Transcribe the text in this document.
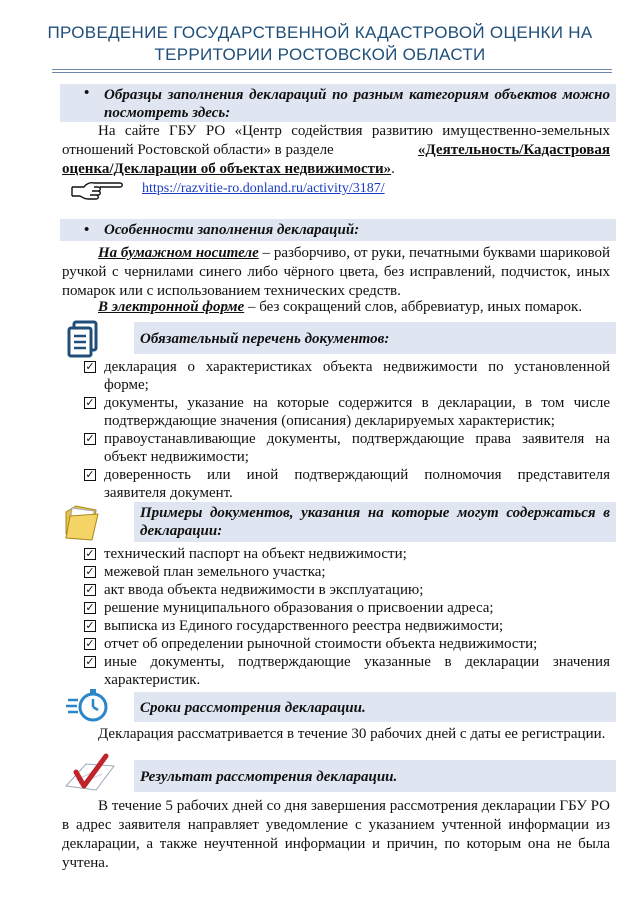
ПРОВЕДЕНИЕ ГОСУДАРСТВЕННОЙ КАДАСТРОВОЙ ОЦЕНКИ НА
ТЕРРИТОРИИ РОСТОВСКОЙ ОБЛАСТИ
• Образцы заполнения деклараций по разным категориям объектов можно
посмотреть здесь:
На сайте ГБУ РО «Центр содействия развитию имущественно-земельных
отношений Ростовской области» в разделе	«Деятельность/Кадастровая
оценка/Декларации об объектах недвижимости».
https://razvitie-ro.donland.ru/activity/3187/
• Особенности заполнения деклараций:
На бумажном носителе – разборчиво, от руки, печатными буквами шариковой
ручкой с чернилами синего либо чёрного цвета, без исправлений, подчисток, иных
помарок или с использованием технических средств.
В электронной форме – без сокращений слов, аббревиатур, иных помарок.
Обязательный перечень документов:
✓ декларация о характеристиках объекта недвижимости по установленной форме;
✓ документы, указание на которые содержится в декларации, в том числе подтверждающие значения (описания) декларируемых характеристик;
✓ правоустанавливающие документы, подтверждающие права заявителя на объект недвижимости;
✓ доверенность или иной подтверждающий полномочия представителя заявителя документ.
Примеры документов, указания на которые могут содержаться в
декларации:
✓ технический паспорт на объект недвижимости;
✓ межевой план земельного участка;
✓ акт ввода объекта недвижимости в эксплуатацию;
✓ решение муниципального образования о присвоении адреса;
✓ выписка из Единого государственного реестра недвижимости;
✓ отчет об определении рыночной стоимости объекта недвижимости;
✓ иные документы, подтверждающие указанные в декларации значения характеристик.
Сроки рассмотрения декларации.
Декларация рассматривается в течение 30 рабочих дней с даты ее регистрации.
Результат рассмотрения декларации.
В течение 5 рабочих дней со дня завершения рассмотрения декларации ГБУ РО
в адрес заявителя направляет уведомление с указанием учтенной информации из
декларации, а также неучтенной информации и причин, по которым она не была
учтена.
